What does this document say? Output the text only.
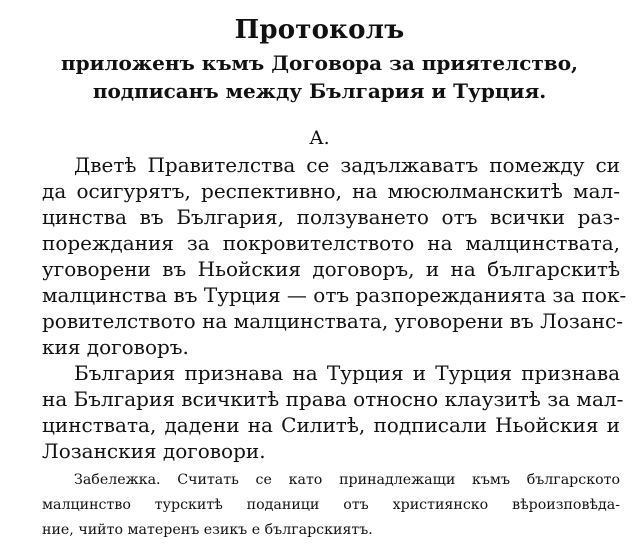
Протоколъ
приложенъ къмъ Договора за приятелство,
подписанъ между България и Турция.
А.
Дветѣ Правителства се задължаватъ помежду си
да осигурятъ, респективно, на мюсюлманскитѣ мал-
цинства въ България, ползуването отъ всички раз-
пореждания за покровителството на малцинствата,
уговорени въ Ньойския договоръ, и на българскитѣ
малцинства въ Турция — отъ разпорежданията за пок-
ровителството на малцинствата, уговорени въ Лозанс-
кия договоръ.
България признава на Турция и Турция признава
на България всичкитѣ права относно клаузитѣ за мал-
цинствата, дадени на Силитѣ, подписали Ньойския и
Лозанския договори.
Забележка. Считать се като принадлежащи къмъ българското
малцинство турскитѣ поданици отъ християнско вѣроизповѣда-
ние, чийто матеренъ езикъ е българскиятъ.
